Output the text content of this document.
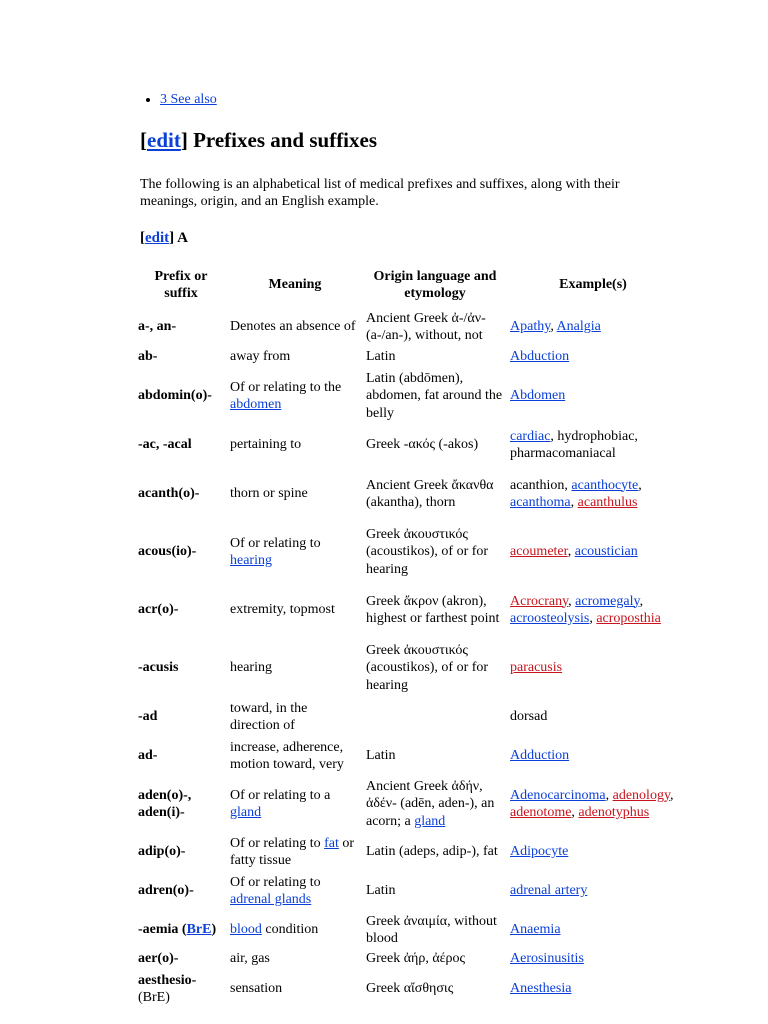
• 3 See also
[edit] Prefixes and suffixes

The following is an alphabetical list of medical prefixes and suffixes, along with their meanings, origin, and an English example.

[edit] A
Prefix or suffix	Meaning	Origin language and etymology	Example(s)
a-, an-	Denotes an absence of	Ancient Greek ἀ-/ἀν- (a-/an-), without, not	Apathy, Analgia
ab-	away from	Latin	Abduction
abdomin(o)-	Of or relating to the abdomen	Latin (abdōmen), abdomen, fat around the belly	Abdomen
-ac, -acal	pertaining to	Greek -ακός (-akos)	cardiac, hydrophobiac, pharmacomaniacal
acanth(o)-	thorn or spine	Ancient Greek ἄκανθα (akantha), thorn	acanthion, acanthocyte, acanthoma, acanthulus
acous(io)-	Of or relating to hearing	Greek ἀκουστικός (acoustikos), of or for hearing	acoumeter, acoustician
acr(o)-	extremity, topmost	Greek ἄκρον (akron), highest or farthest point	Acrocrany, acromegaly, acroosteolysis, acroposthia
-acusis	hearing	Greek ἀκουστικός (acoustikos), of or for hearing	paracusis
-ad	toward, in the direction of		dorsad
ad-	increase, adherence, motion toward, very	Latin	Adduction
aden(o)-, aden(i)-	Of or relating to a gland	Ancient Greek ἀδήν, ἀδέν- (adēn, aden-), an acorn; a gland	Adenocarcinoma, adenology, adenotome, adenotyphus
adip(o)-	Of or relating to fat or fatty tissue	Latin (adeps, adip-), fat	Adipocyte
adren(o)-	Of or relating to adrenal glands	Latin	adrenal artery
-aemia (BrE)	blood condition	Greek ἀναιμία, without blood	Anaemia
aer(o)-	air, gas	Greek ἀήρ, ἀέρος	Aerosinusitis
aesthesio- (BrE)	sensation	Greek αἴσθησις	Anesthesia
